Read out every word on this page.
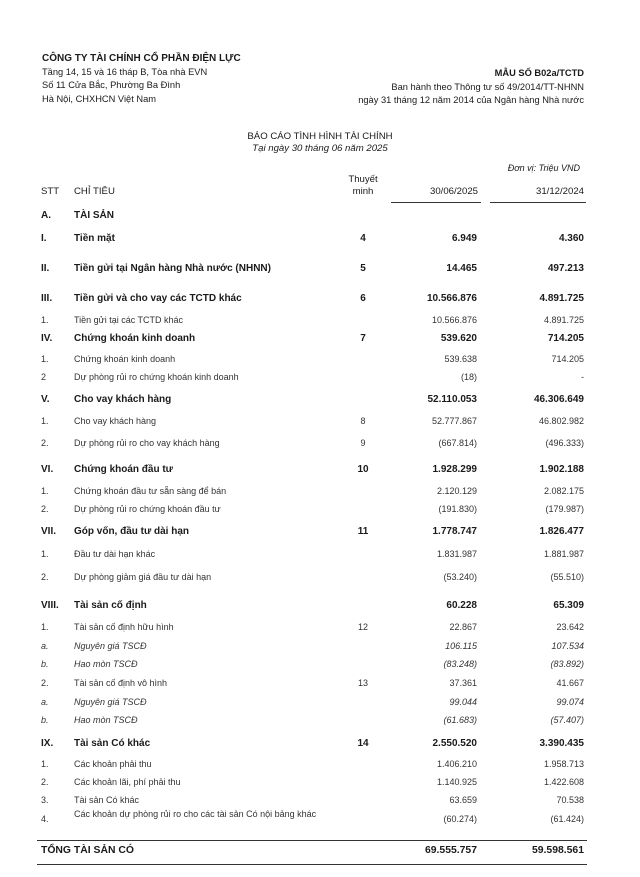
CÔNG TY TÀI CHÍNH CỔ PHẦN ĐIỆN LỰC
Tầng 14, 15 và 16 tháp B, Tòa nhà EVN
Số 11 Cửa Bắc, Phường Ba Đình
Hà Nội, CHXHCN Việt Nam
MẪU SỐ B02a/TCTD
Ban hành theo Thông tư số 49/2014/TT-NHNN
ngày 31 tháng 12 năm 2014 của Ngân hàng Nhà nước
BÁO CÁO TÌNH HÌNH TÀI CHÍNH
Tại ngày 30 tháng 06 năm 2025
Đơn vị: Triệu VND
STT CHỈ TIÊU
Thuyết minh	30/06/2025	31/12/2024
A. TÀI SẢN
I.	Tiền mặt	4	6.949	4.360
II. Tiền gửi tại Ngân hàng Nhà nước (NHNN)	5	14.465	497.213
III. Tiền gửi và cho vay các TCTD khác	6	10.566.876	4.891.725
1.	Tiền gửi tại các TCTD khác	10.566.876	4.891.725
IV. Chứng khoán kinh doanh	7	539.620	714.205
1.	Chứng khoán kinh doanh	539.638	714.205
2	Dự phòng rủi ro chứng khoán kinh doanh	(18)	-
V. Cho vay khách hàng	52.110.053	46.306.649
1.	Cho vay khách hàng	8	52.777.867	46.802.982
2.	Dự phòng rủi ro cho vay khách hàng	9	(667.814)	(496.333)
VI. Chứng khoán đầu tư	10	1.928.299	1.902.188
1.	Chứng khoán đầu tư sẵn sàng để bán	2.120.129	2.082.175
2.	Dự phòng rủi ro chứng khoán đầu tư	(191.830)	(179.987)
VII. Góp vốn, đầu tư dài hạn	11	1.778.747	1.826.477
1.	Đầu tư dài hạn khác	1.831.987	1.881.987
2.	Dự phòng giảm giá đầu tư dài hạn	(53.240)	(55.510)
VIII. Tài sản cố định	60.228	65.309
1.	Tài sản cố định hữu hình	12	22.867	23.642
a.	Nguyên giá TSCĐ	106.115	107.534
b.	Hao mòn TSCĐ	(83.248)	(83.892)
2.	Tài sản cố định vô hình	13	37.361	41.667
a.	Nguyên giá TSCĐ	99.044	99.074
b.	Hao mòn TSCĐ	(61.683)	(57.407)
IX. Tài sản Có khác	14	2.550.520	3.390.435
1.	Các khoản phải thu	1.406.210	1.958.713
2.	Các khoản lãi, phí phải thu	1.140.925	1.422.608
3.	Tài sản Có khác	63.659	70.538
4.	Các khoản dự phòng rủi ro cho các tài sản Có nội bảng khác	(60.274)	(61.424)
TỔNG TÀI SẢN CÓ	69.555.757	59.598.561
